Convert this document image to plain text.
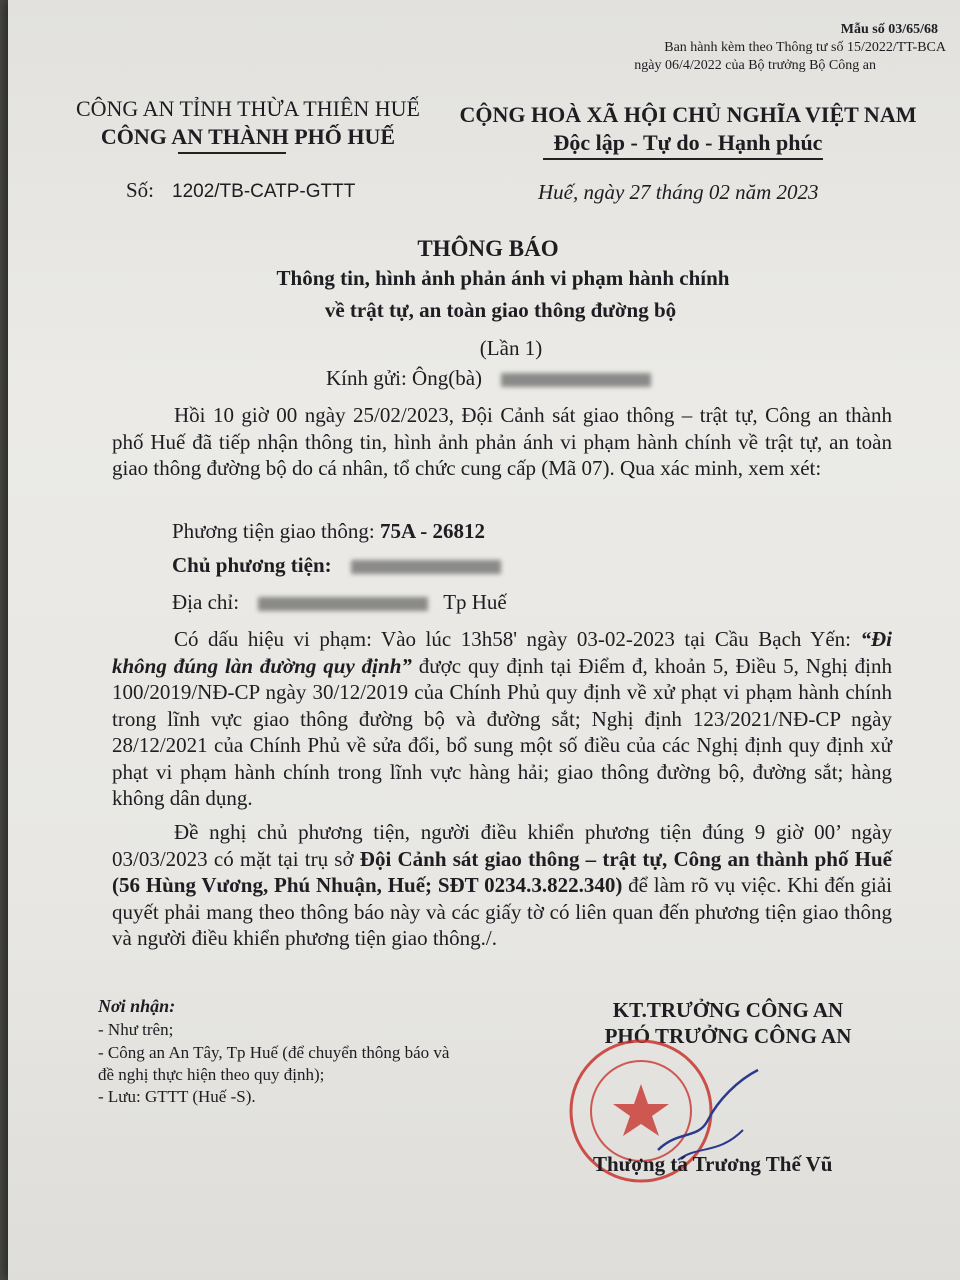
Mẫu số 03/65/68
Ban hành kèm theo Thông tư số 15/2022/TT-BCA
ngày 06/4/2022 của Bộ trưởng Bộ Công an
CÔNG AN TỈNH THỪA THIÊN HUẾ
CÔNG AN THÀNH PHỐ HUẾ
CỘNG HOÀ XÃ HỘI CHỦ NGHĨA VIỆT NAM
Độc lập - Tự do - Hạnh phúc
Số: 1202/TB-CATP-GTTT	Huế, ngày 27 tháng 02 năm 2023
THÔNG BÁO
Thông tin, hình ảnh phản ánh vi phạm hành chính
về trật tự, an toàn giao thông đường bộ
(Lần 1)
Kính gửi: Ông(bà)
Hồi 10 giờ 00 ngày 25/02/2023, Đội Cảnh sát giao thông – trật tự, Công an thành phố Huế đã tiếp nhận thông tin, hình ảnh phản ánh vi phạm hành chính về trật tự, an toàn giao thông đường bộ do cá nhân, tổ chức cung cấp (Mã 07). Qua xác minh, xem xét:
Phương tiện giao thông: 75A - 26812
Chủ phương tiện:
Địa chỉ:	Tp Huế
Có dấu hiệu vi phạm: Vào lúc 13h58' ngày 03-02-2023 tại Cầu Bạch Yến: “Đi không đúng làn đường quy định” được quy định tại Điểm đ, khoản 5, Điều 5, Nghị định 100/2019/NĐ-CP ngày 30/12/2019 của Chính Phủ quy định về xử phạt vi phạm hành chính trong lĩnh vực giao thông đường bộ và đường sắt; Nghị định 123/2021/NĐ-CP ngày 28/12/2021 của Chính Phủ về sửa đổi, bổ sung một số điều của các Nghị định quy định xử phạt vi phạm hành chính trong lĩnh vực hàng hải; giao thông đường bộ, đường sắt; hàng không dân dụng.
Đề nghị chủ phương tiện, người điều khiển phương tiện đúng 9 giờ 00’ ngày 03/03/2023 có mặt tại trụ sở Đội Cảnh sát giao thông – trật tự, Công an thành phố Huế (56 Hùng Vương, Phú Nhuận, Huế; SĐT 0234.3.822.340) để làm rõ vụ việc. Khi đến giải quyết phải mang theo thông báo này và các giấy tờ có liên quan đến phương tiện giao thông và người điều khiển phương tiện giao thông./.
Nơi nhận:
- Như trên;
- Công an An Tây, Tp Huế (để chuyển thông báo và
đề nghị thực hiện theo quy định);
- Lưu: GTTT (Huế -S).
KT.TRƯỞNG CÔNG AN
PHÓ TRƯỞNG CÔNG AN
Thượng tá Trương Thế Vũ
